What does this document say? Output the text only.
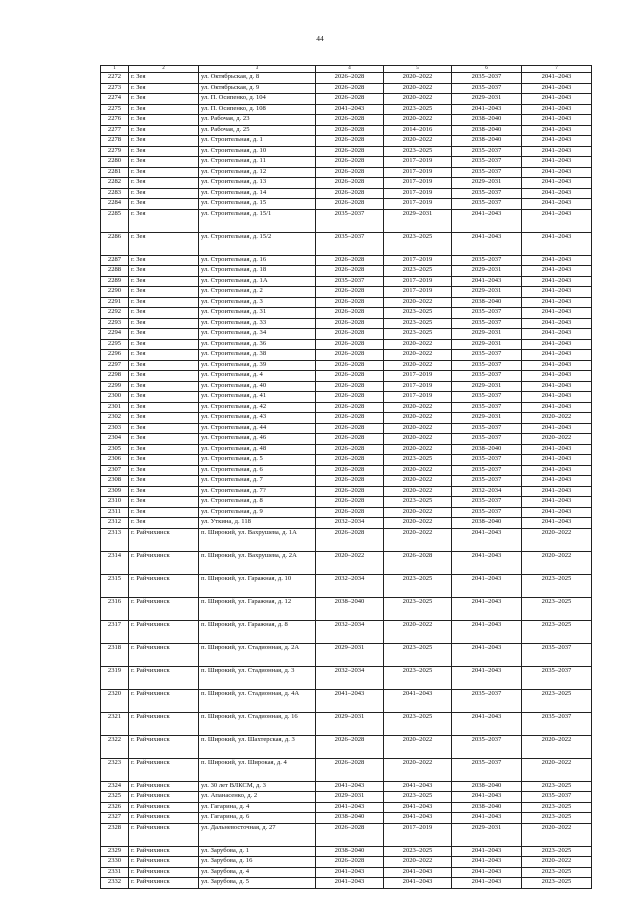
44
1	2	3	4	5	6	7
2272	г. Зея	ул. Октябрьская, д. 8	2026–2028	2020–2022	2035–2037	2041–2043
2273	г. Зея	ул. Октябрьская, д. 9	2026–2028	2020–2022	2035–2037	2041–2043
2274	г. Зея	ул. П. Осипенко, д. 104	2026–2028	2020–2022	2029–2031	2041–2043
2275	г. Зея	ул. П. Осипенко, д. 108	2041–2043	2023–2025	2041–2043	2041–2043
2276	г. Зея	ул. Рабочая, д. 23	2026–2028	2020–2022	2038–2040	2041–2043
2277	г. Зея	ул. Рабочая, д. 25	2026–2028	2014–2016	2038–2040	2041–2043
2278	г. Зея	ул. Строительная, д. 1	2026–2028	2020–2022	2038–2040	2041–2043
2279	г. Зея	ул. Строительная, д. 10	2026–2028	2023–2025	2035–2037	2041–2043
2280	г. Зея	ул. Строительная, д. 11	2026–2028	2017–2019	2035–2037	2041–2043
2281	г. Зея	ул. Строительная, д. 12	2026–2028	2017–2019	2035–2037	2041–2043
2282	г. Зея	ул. Строительная, д. 13	2026–2028	2017–2019	2029–2031	2041–2043
2283	г. Зея	ул. Строительная, д. 14	2026–2028	2017–2019	2035–2037	2041–2043
2284	г. Зея	ул. Строительная, д. 15	2026–2028	2017–2019	2035–2037	2041–2043
2285	г. Зея	ул. Строительная, д. 15/1	2035–2037	2029–2031	2041–2043	2041–2043
2286	г. Зея	ул. Строительная, д. 15/2	2035–2037	2023–2025	2041–2043	2041–2043
2287	г. Зея	ул. Строительная, д. 16	2026–2028	2017–2019	2035–2037	2041–2043
2288	г. Зея	ул. Строительная, д. 18	2026–2028	2023–2025	2029–2031	2041–2043
2289	г. Зея	ул. Строительная, д. 1А	2035–2037	2017–2019	2041–2043	2041–2043
2290	г. Зея	ул. Строительная, д. 2	2026–2028	2017–2019	2029–2031	2041–2043
2291	г. Зея	ул. Строительная, д. 3	2026–2028	2020–2022	2038–2040	2041–2043
2292	г. Зея	ул. Строительная, д. 31	2026–2028	2023–2025	2035–2037	2041–2043
2293	г. Зея	ул. Строительная, д. 33	2026–2028	2023–2025	2035–2037	2041–2043
2294	г. Зея	ул. Строительная, д. 34	2026–2028	2023–2025	2029–2031	2041–2043
2295	г. Зея	ул. Строительная, д. 36	2026–2028	2020–2022	2029–2031	2041–2043
2296	г. Зея	ул. Строительная, д. 38	2026–2028	2020–2022	2035–2037	2041–2043
2297	г. Зея	ул. Строительная, д. 39	2026–2028	2020–2022	2035–2037	2041–2043
2298	г. Зея	ул. Строительная, д. 4	2026–2028	2017–2019	2035–2037	2041–2043
2299	г. Зея	ул. Строительная, д. 40	2026–2028	2017–2019	2029–2031	2041–2043
2300	г. Зея	ул. Строительная, д. 41	2026–2028	2017–2019	2035–2037	2041–2043
2301	г. Зея	ул. Строительная, д. 42	2026–2028	2020–2022	2035–2037	2041–2043
2302	г. Зея	ул. Строительная, д. 43	2026–2028	2020–2022	2029–2031	2020–2022
2303	г. Зея	ул. Строительная, д. 44	2026–2028	2020–2022	2035–2037	2041–2043
2304	г. Зея	ул. Строительная, д. 46	2026–2028	2020–2022	2035–2037	2020–2022
2305	г. Зея	ул. Строительная, д. 48	2026–2028	2020–2022	2038–2040	2041–2043
2306	г. Зея	ул. Строительная, д. 5	2026–2028	2023–2025	2035–2037	2041–2043
2307	г. Зея	ул. Строительная, д. 6	2026–2028	2020–2022	2035–2037	2041–2043
2308	г. Зея	ул. Строительная, д. 7	2026–2028	2020–2022	2035–2037	2041–2043
2309	г. Зея	ул. Строительная, д. 7?	2026–2028	2020–2022	2032–2034	2041–2043
2310	г. Зея	ул. Строительная, д. 8	2026–2028	2023–2025	2035–2037	2041–2043
2311	г. Зея	ул. Строительная, д. 9	2026–2028	2020–2022	2035–2037	2041–2043
2312	г. Зея	ул. Уткина, д. 118	2032–2034	2020–2022	2038–2040	2041–2043
2313	г. Райчихинск	п. Широкий, ул. Вахрушева, д. 1А	2026–2028	2020–2022	2041–2043	2020–2022
2314	г. Райчихинск	п. Широкий, ул. Вахрушева, д. 2А	2020–2022	2026–2028	2041–2043	2020–2022
2315	г. Райчихинск	п. Широкий, ул. Гаражная, д. 10	2032–2034	2023–2025	2041–2043	2023–2025
2316	г. Райчихинск	п. Широкий, ул. Гаражная, д. 12	2038–2040	2023–2025	2041–2043	2023–2025
2317	г. Райчихинск	п. Широкий, ул. Гаражная, д. 8	2032–2034	2020–2022	2041–2043	2023–2025
2318	г. Райчихинск	п. Широкий, ул. Стадионная, д. 2А	2029–2031	2023–2025	2041–2043	2035–2037
2319	г. Райчихинск	п. Широкий, ул. Стадионная, д. 3	2032–2034	2023–2025	2041–2043	2035–2037
2320	г. Райчихинск	п. Широкий, ул. Стадионная, д. 4А	2041–2043	2041–2043	2035–2037	2023–2025
2321	г. Райчихинск	п. Широкий, ул. Стадионная, д. 16	2029–2031	2023–2025	2041–2043	2035–2037
2322	г. Райчихинск	п. Широкий, ул. Шахтерская, д. 3	2026–2028	2020–2022	2035–2037	2020–2022
2323	г. Райчихинск	п. Широкий, ул. Широкая, д. 4	2026–2028	2020–2022	2035–2037	2020–2022
2324	г. Райчихинск	ул. 30 лет ВЛКСМ, д. 3	2041–2043	2041–2043	2038–2040	2023–2025
2325	г. Райчихинск	ул. Апанасенко, д. 2	2029–2031	2023–2025	2041–2043	2035–2037
2326	г. Райчихинск	ул. Гагарина, д. 4	2041–2043	2041–2043	2038–2040	2023–2025
2327	г. Райчихинск	ул. Гагарина, д. 6	2038–2040	2041–2043	2041–2043	2023–2025
2328	г. Райчихинск	ул. Дальневосточная, д. 27	2026–2028	2017–2019	2029–2031	2020–2022
2329	г. Райчихинск	ул. Зарубова, д. 1	2038–2040	2023–2025	2041–2043	2023–2025
2330	г. Райчихинск	ул. Зарубова, д. 16	2026–2028	2020–2022	2041–2043	2020–2022
2331	г. Райчихинск	ул. Зарубова, д. 4	2041–2043	2041–2043	2041–2043	2023–2025
2332	г. Райчихинск	ул. Зарубова, д. 5	2041–2043	2041–2043	2041–2043	2023–2025
